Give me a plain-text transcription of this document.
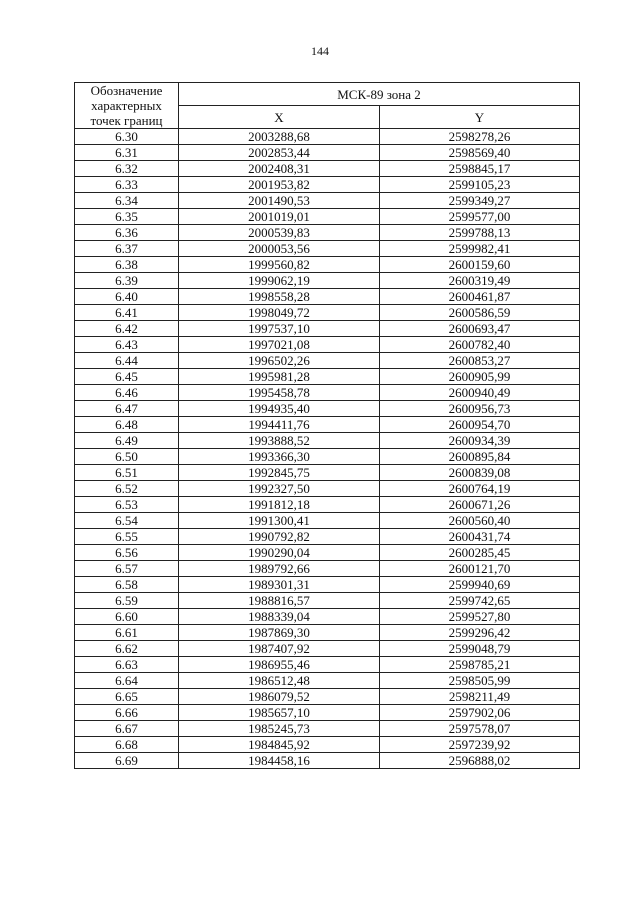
144
Обозначение характерных точек границ	МСК-89 зона 2	
	X	Y
6.30	2003288,68	2598278,26
6.31	2002853,44	2598569,40
6.32	2002408,31	2598845,17
6.33	2001953,82	2599105,23
6.34	2001490,53	2599349,27
6.35	2001019,01	2599577,00
6.36	2000539,83	2599788,13
6.37	2000053,56	2599982,41
6.38	1999560,82	2600159,60
6.39	1999062,19	2600319,49
6.40	1998558,28	2600461,87
6.41	1998049,72	2600586,59
6.42	1997537,10	2600693,47
6.43	1997021,08	2600782,40
6.44	1996502,26	2600853,27
6.45	1995981,28	2600905,99
6.46	1995458,78	2600940,49
6.47	1994935,40	2600956,73
6.48	1994411,76	2600954,70
6.49	1993888,52	2600934,39
6.50	1993366,30	2600895,84
6.51	1992845,75	2600839,08
6.52	1992327,50	2600764,19
6.53	1991812,18	2600671,26
6.54	1991300,41	2600560,40
6.55	1990792,82	2600431,74
6.56	1990290,04	2600285,45
6.57	1989792,66	2600121,70
6.58	1989301,31	2599940,69
6.59	1988816,57	2599742,65
6.60	1988339,04	2599527,80
6.61	1987869,30	2599296,42
6.62	1987407,92	2599048,79
6.63	1986955,46	2598785,21
6.64	1986512,48	2598505,99
6.65	1986079,52	2598211,49
6.66	1985657,10	2597902,06
6.67	1985245,73	2597578,07
6.68	1984845,92	2597239,92
6.69	1984458,16	2596888,02
